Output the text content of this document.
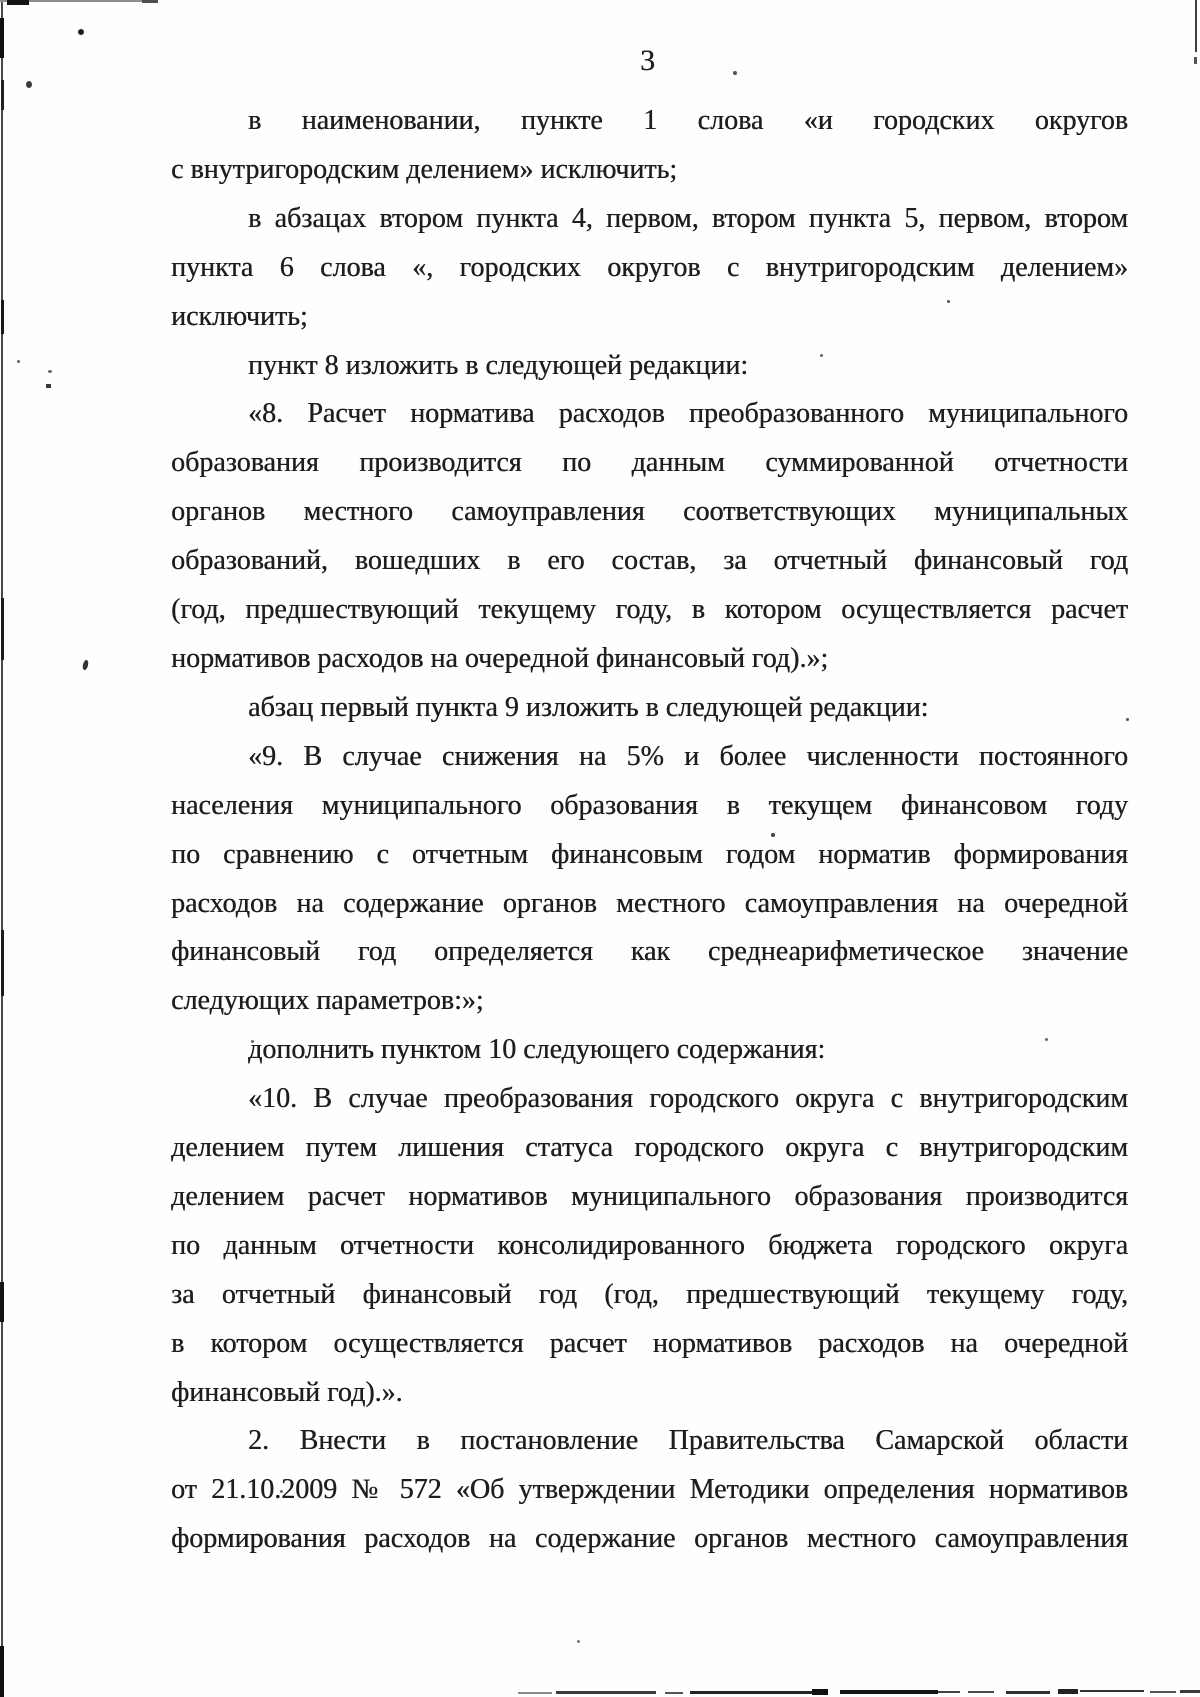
3
в наименовании, пункте 1 слова «и городских округов
с внутригородским делением» исключить;
в абзацах втором пункта 4, первом, втором пункта 5, первом, втором
пункта 6 слова «, городских округов с внутригородским делением»
исключить;
пункт 8 изложить в следующей редакции:
«8. Расчет норматива расходов преобразованного муниципального
образования производится по данным суммированной отчетности
органов местного самоуправления соответствующих муниципальных
образований, вошедших в его состав, за отчетный финансовый год
(год, предшествующий текущему году, в котором осуществляется расчет
нормативов расходов на очередной финансовый год).»;
абзац первый пункта 9 изложить в следующей редакции:
«9. В случае снижения на 5% и более численности постоянного
населения муниципального образования в текущем финансовом году
по сравнению с отчетным финансовым годом норматив формирования
расходов на содержание органов местного самоуправления на очередной
финансовый год определяется как среднеарифметическое значение
следующих параметров:»;
дополнить пунктом 10 следующего содержания:
«10. В случае преобразования городского округа с внутригородским
делением путем лишения статуса городского округа с внутригородским
делением расчет нормативов муниципального образования производится
по данным отчетности консолидированного бюджета городского округа
за отчетный финансовый год (год, предшествующий текущему году,
в котором осуществляется расчет нормативов расходов на очередной
финансовый год).».
2. Внести в постановление Правительства Самарской области
от 21.10.2009 № 572 «Об утверждении Методики определения нормативов
формирования расходов на содержание органов местного самоуправления
